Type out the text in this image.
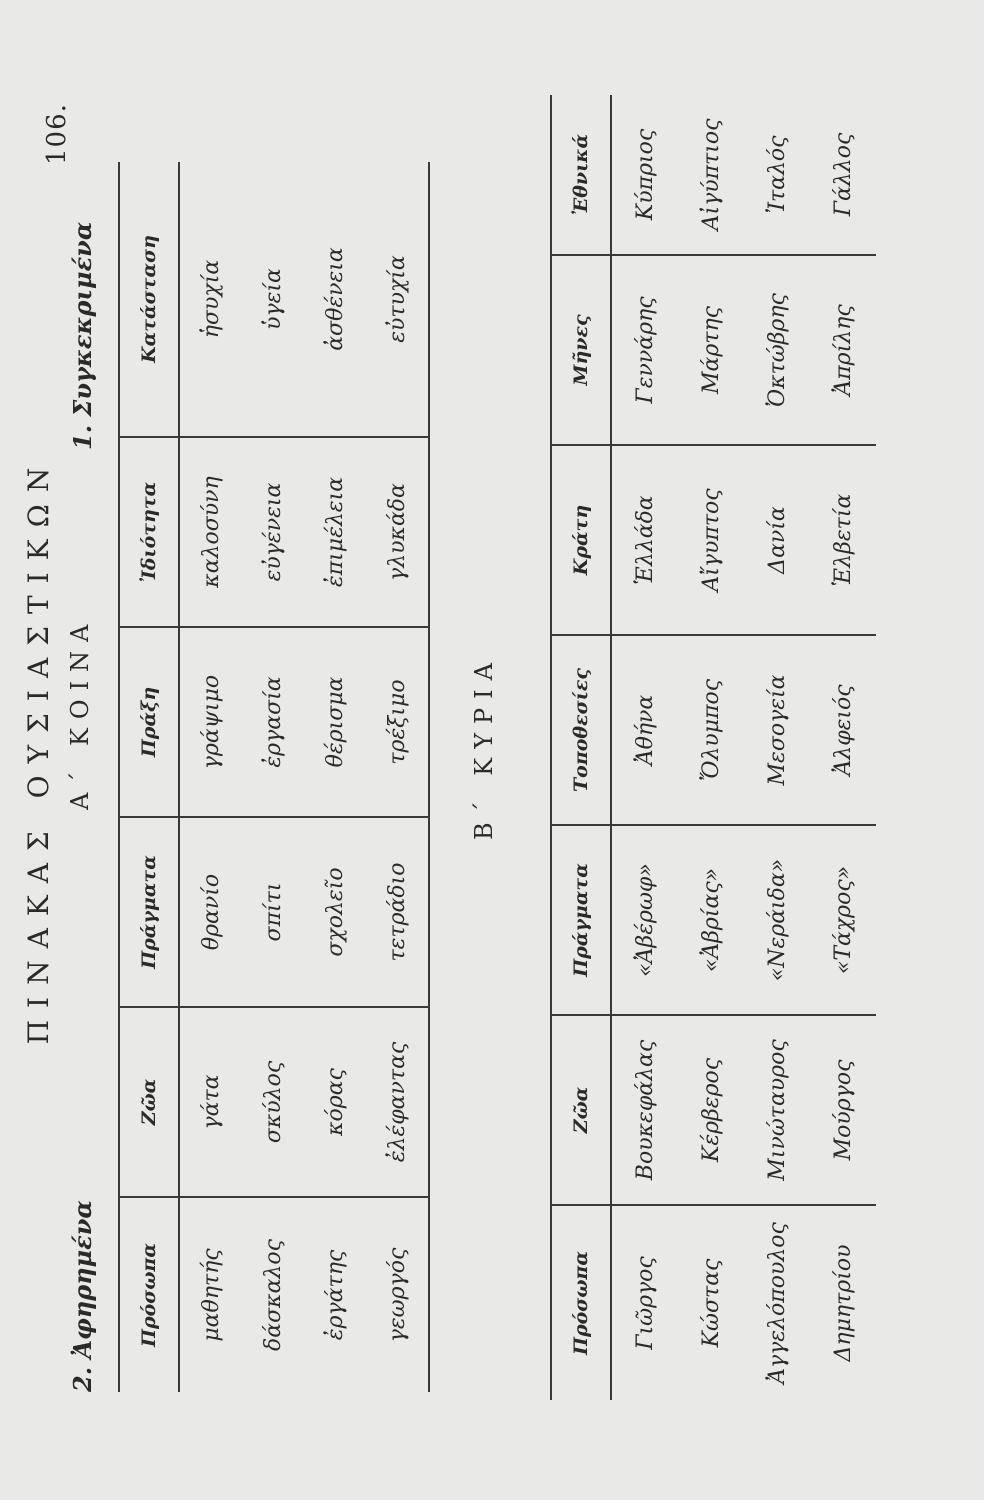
106.
ΠΙΝΑΚΑΣ ΟΥΣΙΑΣΤΙΚΩΝ Α΄ ΚΟΙΝΑ
1. Συγκεκριμένα
2. Ἀφηρημένα Πρόσωπα	Ζῶα	Πράγματα	Πράξη	Ἰδιότητα	Κατάσταση
μαθητής	γάτα	θρανίο	γράψιμο	καλοσύνη	ἡσυχία
δάσκαλος	σκύλος	σπίτι	ἐργασία	εὐγένεια	ὑγεία
ἐργάτης	κόρας	σχολεῖο	θέρισμα	ἐπιμέλεια	ἀσθένεια
γεωργός	ἐλέφαντας	τετράδιο	τρέξιμο	γλυκάδα	εὐτυχία
Β΄ ΚΥΡΙΑ
Πρόσωπα	Ζῶα	Πράγματα	Τοποθεσίες	Κράτη	Μῆνες	Ἐθνικά
Γιῶργος	Βουκεφάλας	«Ἀβέρωφ»	Ἀθήνα	Ἑλλάδα	Γεννάρης	Κύπριος
Κώστας	Κέρβερος	«Ἀβρίας»	Ὄλυμπος	Αἴγυπτος	Μάρτης	Αἰγύπτιος
Ἀγγελόπουλος	Μινώταυρος	«Νεράιδα»	Μεσογεία	Δανία	Ὀκτώβρης	Ἰταλός
Δημητρίου	Μούργος	«Τάχρος»	Ἀλφειός	Ἑλβετία	Ἀπρίλης	Γάλλος
